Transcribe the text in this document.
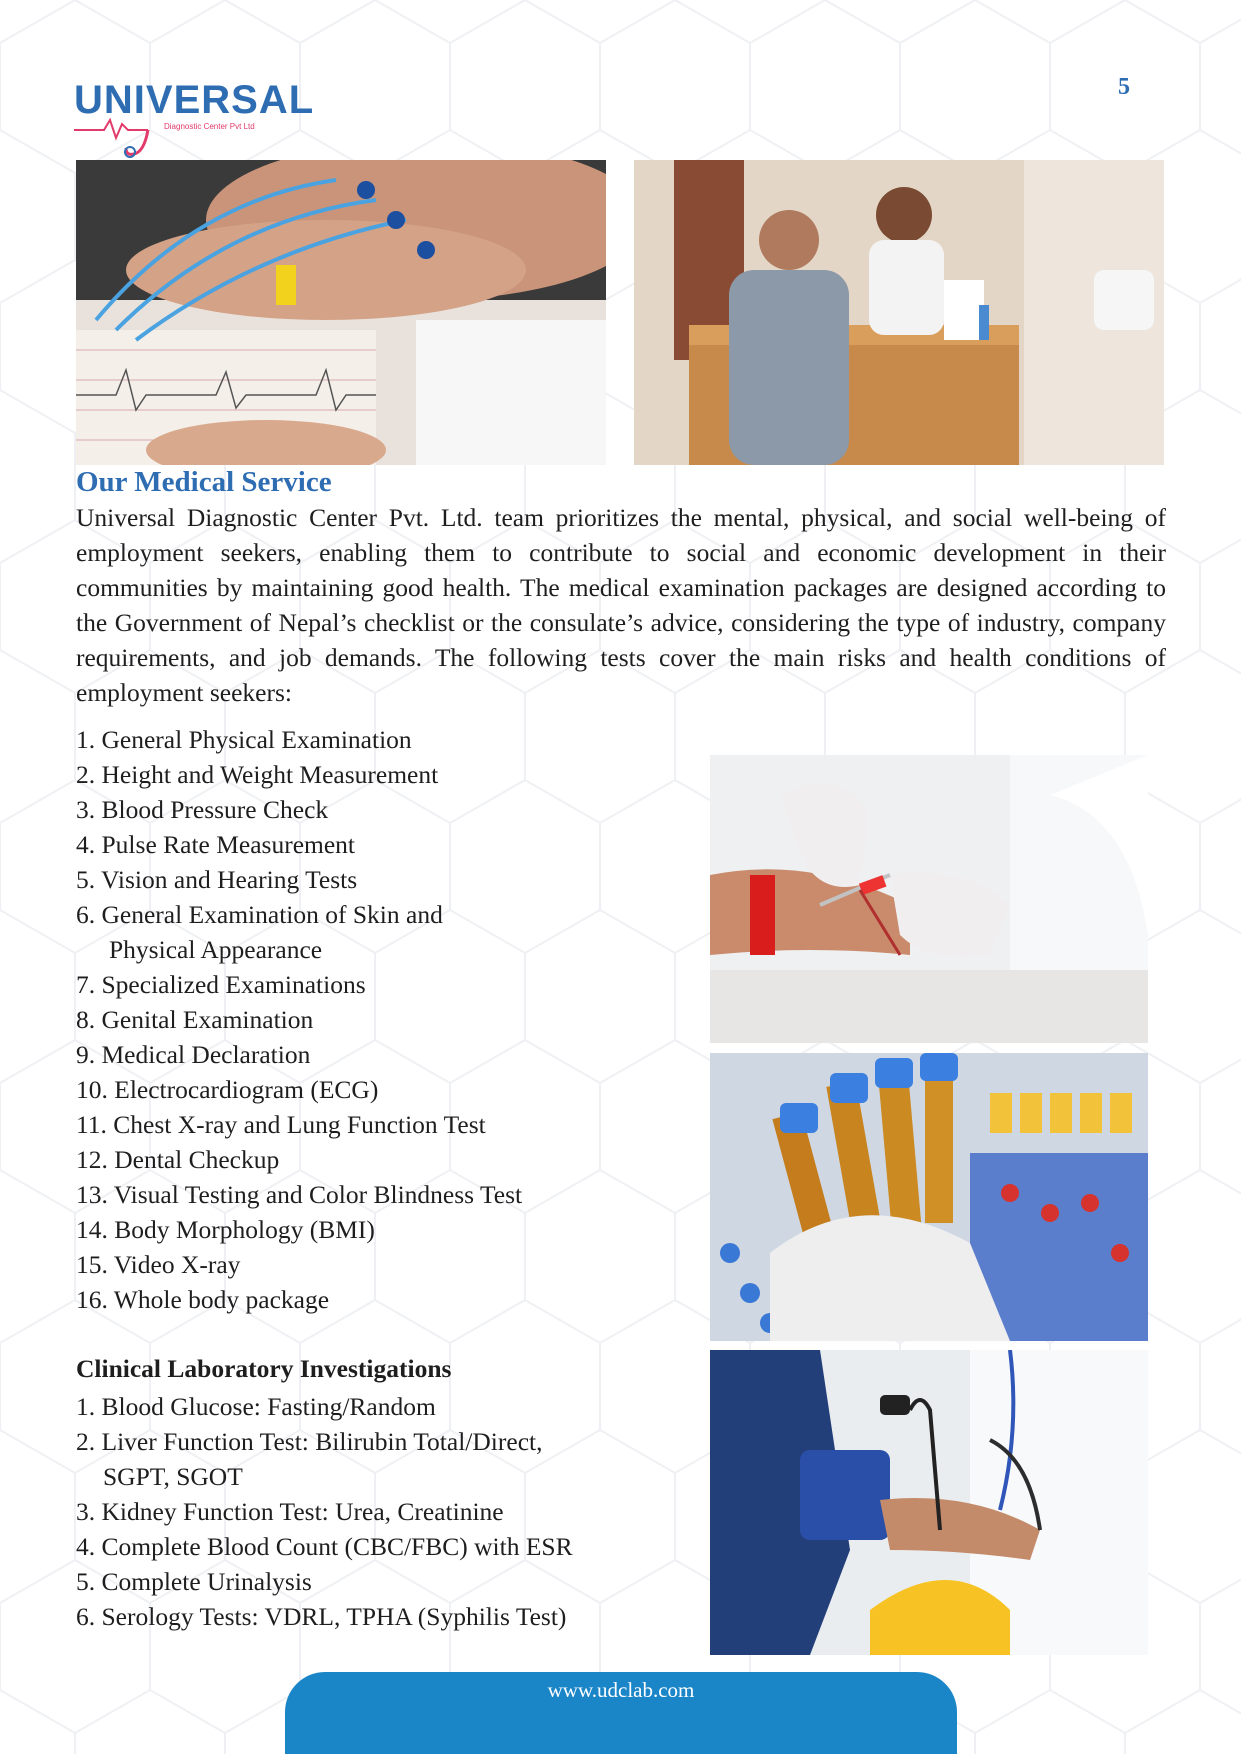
UNIVERSAL
Diagnostic Center Pvt Ltd
5
Our Medical Service

Universal Diagnostic Center Pvt. Ltd. team prioritizes the mental, physical, and social well-being of employment seekers, enabling them to contribute to social and economic development in their communities by maintaining good health. The medical examination packages are designed according to the Government of Nepal’s checklist or the consulate’s advice, considering the type of industry, company requirements, and job demands. The following tests cover the main risks and health conditions of employment seekers:

1. General Physical Examination
2. Height and Weight Measurement
3. Blood Pressure Check
4. Pulse Rate Measurement
5. Vision and Hearing Tests
6. General Examination of Skin and
Physical Appearance
7. Specialized Examinations
8. Genital Examination
9. Medical Declaration
10. Electrocardiogram (ECG)
11. Chest X-ray and Lung Function Test
12. Dental Checkup
13. Visual Testing and Color Blindness Test
14. Body Morphology (BMI)
15. Video X-ray
16. Whole body package
Clinical Laboratory Investigations
1. Blood Glucose: Fasting/Random
2. Liver Function Test: Bilirubin Total/Direct,
SGPT, SGOT
3. Kidney Function Test: Urea, Creatinine
4. Complete Blood Count (CBC/FBC) with ESR
5. Complete Urinalysis
6. Serology Tests: VDRL, TPHA (Syphilis Test)
www.udclab.com
